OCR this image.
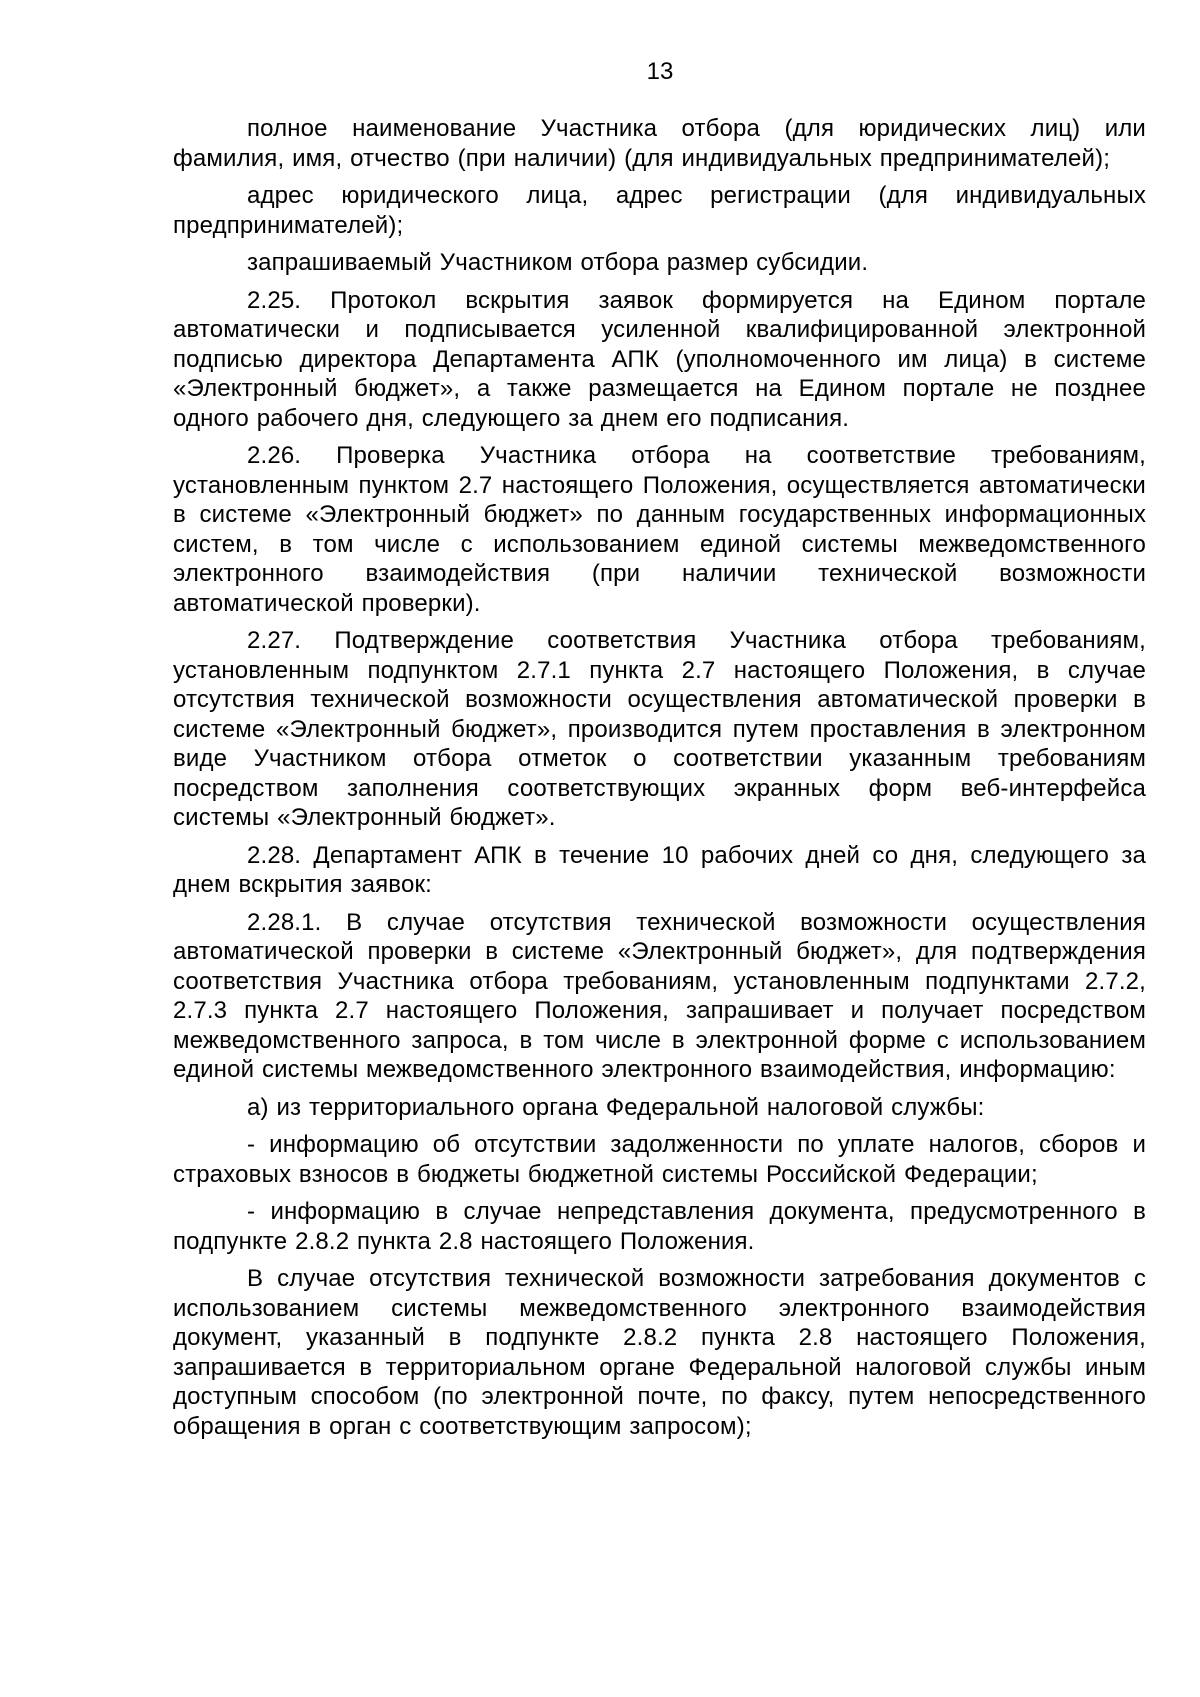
13

полное наименование Участника отбора (для юридических лиц) или фамилия, имя, отчество (при наличии) (для индивидуальных предпринимателей);

адрес юридического лица, адрес регистрации (для индивидуальных предпринимателей);

запрашиваемый Участником отбора размер субсидии.

2.25. Протокол вскрытия заявок формируется на Едином портале автоматически и подписывается усиленной квалифицированной электронной подписью директора Департамента АПК (уполномоченного им лица) в системе «Электронный бюджет», а также размещается на Едином портале не позднее одного рабочего дня, следующего за днем его подписания.

2.26. Проверка Участника отбора на соответствие требованиям, установленным пунктом 2.7 настоящего Положения, осуществляется автоматически в системе «Электронный бюджет» по данным государственных информационных систем, в том числе с использованием единой системы межведомственного электронного взаимодействия (при наличии технической возможности автоматической проверки).

2.27. Подтверждение соответствия Участника отбора требованиям, установленным подпунктом 2.7.1 пункта 2.7 настоящего Положения, в случае отсутствия технической возможности осуществления автоматической проверки в системе «Электронный бюджет», производится путем проставления в электронном виде Участником отбора отметок о соответствии указанным требованиям посредством заполнения соответствующих экранных форм веб-интерфейса системы «Электронный бюджет».

2.28. Департамент АПК в течение 10 рабочих дней со дня, следующего за днем вскрытия заявок:

2.28.1. В случае отсутствия технической возможности осуществления автоматической проверки в системе «Электронный бюджет», для подтверждения соответствия Участника отбора требованиям, установленным подпунктами 2.7.2, 2.7.3 пункта 2.7 настоящего Положения, запрашивает и получает посредством межведомственного запроса, в том числе в электронной форме с использованием единой системы межведомственного электронного взаимодействия, информацию:

а) из территориального органа Федеральной налоговой службы:

- информацию об отсутствии задолженности по уплате налогов, сборов и страховых взносов в бюджеты бюджетной системы Российской Федерации;

- информацию в случае непредставления документа, предусмотренного в подпункте 2.8.2 пункта 2.8 настоящего Положения.

В случае отсутствия технической возможности затребования документов с использованием системы межведомственного электронного взаимодействия документ, указанный в подпункте 2.8.2 пункта 2.8 настоящего Положения, запрашивается в территориальном органе Федеральной налоговой службы иным доступным способом (по электронной почте, по факсу, путем непосредственного обращения в орган с соответствующим запросом);
